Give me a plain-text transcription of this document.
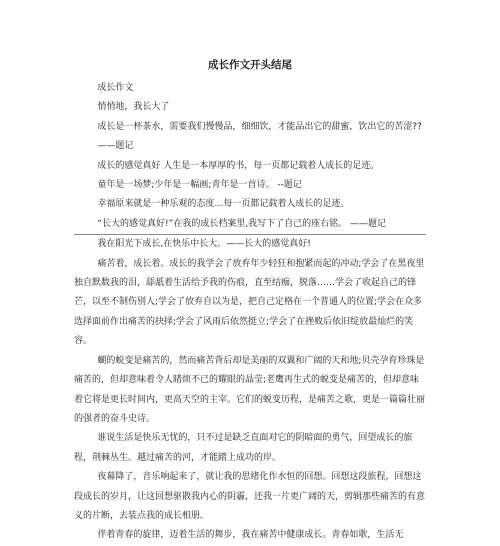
成长作文开头结尾

成长作文

悄悄地，我长大了

成长是一杯茶水，需要我们慢慢品，细细饮，才能品出它的甜蜜，饮出它的苦涩??

——题记

成长的感觉真好 人生是一本厚厚的书，每一页都记载着人成长的足迹。

童年是一场梦;少年是一幅画;青年是一首诗。 --题记

幸福原来就是一种乐观的态度…每一页都记载着人成长的足迹。

“长大的感觉真好!”在我的成长档案里,我写下了自己的座右铭。 ——题记

我在阳光下成长,在快乐中长大。——长大的感觉真好!

痛苦着，成长着。成长的我学会了放弃年少轻狂和抱紧而起的冲动;学会了在黑夜里独自默数我的泪，舔舐着生活给予我的伤痕，直至结痂，脱落……学会了收起自己的锋芒，以至不制伤别人;学会了放弃自以为是，把自己定格在一个普通人的位置;学会在众多选择面前作出痛苦的抉择;学会了风雨后依然挺立;学会了在挫败后依旧绽放最灿烂的笑容。

蝴的蜕变是痛苦的，然而痛苦背后却是美丽的双翼和广阔的天和地;贝壳孕育珍珠是痛苦的，但却意味着令人睹烦不已的耀眼的晶莹;老鹰再生式的蜕变是痛苦的，但却意味着它将是更长时间内，更高天空的主宰。它们的蜕变历程，是痛苦之歌，更是一篇篇壮丽的强者的奋斗史诗。

谁说生活是快乐无忧的，只不过是缺乏直面对它的阴暗面的勇气，回望成长的旅程，荆棘丛生。越过痛苦的河，才能踏上成功的岸。

夜幕降了，音乐响起来了，就让我的思绪化作水恒的回想。回想这段旅程，回想这段成长的岁月，让这回想驱散我内心的阴霾，还我一片更广阔的天，剪辑那些痛苦的有意义的片断，去装点我的成长相册。

伴着青春的旋律，迈着生活的舞步，我在痛苦中健康成长。青春如歌，生活无
